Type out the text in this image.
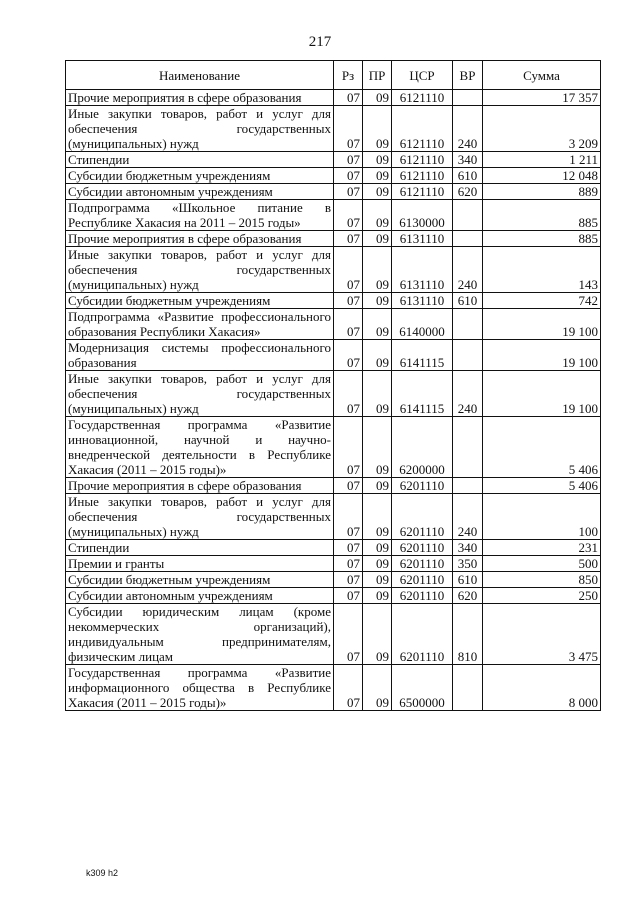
217
Наименование	Рз	ПР	ЦСР	ВР	Сумма
Прочие мероприятия в сфере образования	07	09	6121110		17 357
Иные закупки товаров, работ и услуг для обеспечения государственных (муниципальных) нужд	07	09	6121110	240	3 209
Стипендии	07	09	6121110	340	1 211
Субсидии бюджетным учреждениям	07	09	6121110	610	12 048
Субсидии автономным учреждениям	07	09	6121110	620	889
Подпрограмма «Школьное питание в Республике Хакасия на 2011 – 2015 годы»	07	09	6130000		885
Прочие мероприятия в сфере образования	07	09	6131110		885
Иные закупки товаров, работ и услуг для обеспечения государственных (муниципальных) нужд	07	09	6131110	240	143
Субсидии бюджетным учреждениям	07	09	6131110	610	742
Подпрограмма «Развитие профессионального образования Республики Хакасия»	07	09	6140000		19 100
Модернизация системы профессионального образования	07	09	6141115		19 100
Иные закупки товаров, работ и услуг для обеспечения государственных (муниципальных) нужд	07	09	6141115	240	19 100
Государственная программа «Развитие инновационной, научной и научно-внедренческой деятельности в Республике Хакасия (2011 – 2015 годы)»	07	09	6200000		5 406
Прочие мероприятия в сфере образования	07	09	6201110		5 406
Иные закупки товаров, работ и услуг для обеспечения государственных (муниципальных) нужд	07	09	6201110	240	100
Стипендии	07	09	6201110	340	231
Премии и гранты	07	09	6201110	350	500
Субсидии бюджетным учреждениям	07	09	6201110	610	850
Субсидии автономным учреждениям	07	09	6201110	620	250
Субсидии юридическим лицам (кроме некоммерческих организаций), индивидуальным предпринимателям, физическим лицам	07	09	6201110	810	3 475
Государственная программа «Развитие информационного общества в Республике Хакасия (2011 – 2015 годы)»	07	09	6500000		8 000
k309 h2
